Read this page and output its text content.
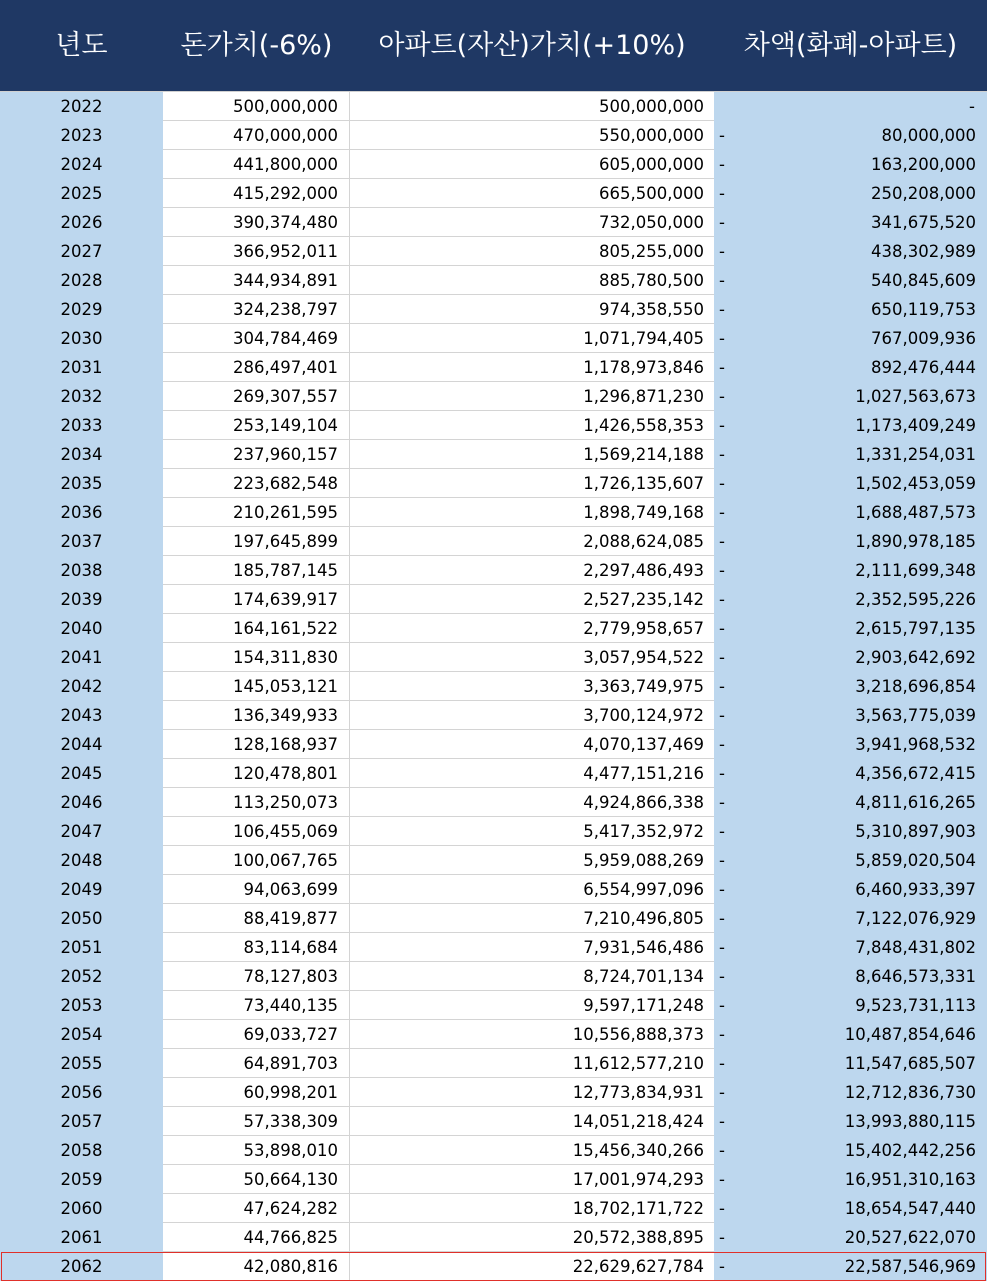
년도	돈가치(-6%)	아파트(자산)가치(+10%)	차액(화폐-아파트)
2022	500,000,000	500,000,000	-
2023	470,000,000	550,000,000 -	80,000,000
2024	441,800,000	605,000,000 -	163,200,000
2025	415,292,000	665,500,000 -	250,208,000
2026	390,374,480	732,050,000 -	341,675,520
2027	366,952,011	805,255,000 -	438,302,989
2028	344,934,891	885,780,500 -	540,845,609
2029	324,238,797	974,358,550 -	650,119,753
2030	304,784,469	1,071,794,405 -	767,009,936
2031	286,497,401	1,178,973,846 -	892,476,444
2032	269,307,557	1,296,871,230 -	1,027,563,673
2033	253,149,104	1,426,558,353 -	1,173,409,249
2034	237,960,157	1,569,214,188 -	1,331,254,031
2035	223,682,548	1,726,135,607 -	1,502,453,059
2036	210,261,595	1,898,749,168 -	1,688,487,573
2037	197,645,899	2,088,624,085 -	1,890,978,185
2038	185,787,145	2,297,486,493 -	2,111,699,348
2039	174,639,917	2,527,235,142 -	2,352,595,226
2040	164,161,522	2,779,958,657 -	2,615,797,135
2041	154,311,830	3,057,954,522 -	2,903,642,692
2042	145,053,121	3,363,749,975 -	3,218,696,854
2043	136,349,933	3,700,124,972 -	3,563,775,039
2044	128,168,937	4,070,137,469 -	3,941,968,532
2045	120,478,801	4,477,151,216 -	4,356,672,415
2046	113,250,073	4,924,866,338 -	4,811,616,265
2047	106,455,069	5,417,352,972 -	5,310,897,903
2048	100,067,765	5,959,088,269 -	5,859,020,504
2049	94,063,699	6,554,997,096 -	6,460,933,397
2050	88,419,877	7,210,496,805 -	7,122,076,929
2051	83,114,684	7,931,546,486 -	7,848,431,802
2052	78,127,803	8,724,701,134 -	8,646,573,331
2053	73,440,135	9,597,171,248 -	9,523,731,113
2054	69,033,727	10,556,888,373 -	10,487,854,646
2055	64,891,703	11,612,577,210 -	11,547,685,507
2056	60,998,201	12,773,834,931 -	12,712,836,730
2057	57,338,309	14,051,218,424 -	13,993,880,115
2058	53,898,010	15,456,340,266 -	15,402,442,256
2059	50,664,130	17,001,974,293 -	16,951,310,163
2060	47,624,282	18,702,171,722 -	18,654,547,440
2061	44,766,825	20,572,388,895 -	20,527,622,070
2062	42,080,816	22,629,627,784 -	22,587,546,969
